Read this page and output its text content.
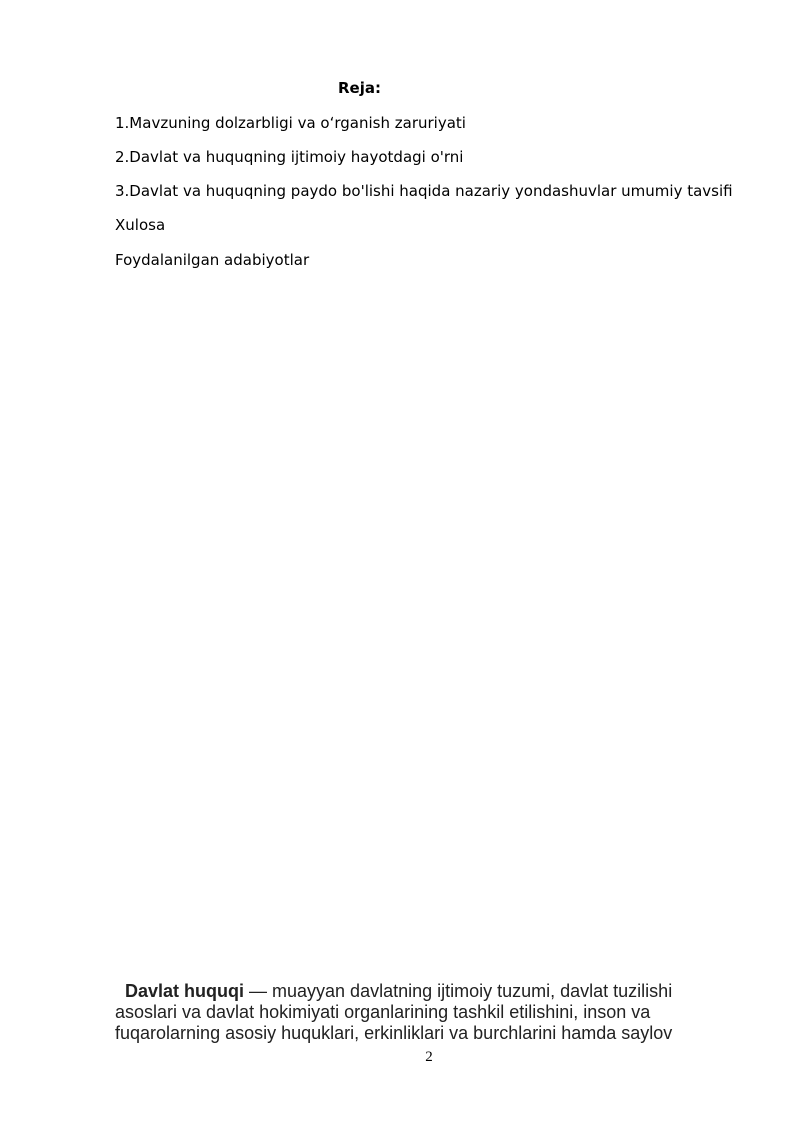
Reja:
1.Mavzuning dolzarbligi va oʻrganish zaruriyati
2.Davlat va huquqning ijtimoiy hayotdagi o'rni
3.Davlat va huquqning paydo bo'lishi haqida nazariy yondashuvlar umumiy tavsifi
Xulosa
Foydalanilgan adabiyotlar
Davlat huquqi — muayyan davlatning ijtimoiy tuzumi, davlat tuzilishi
asoslari va davlat hokimiyati organlarining tashkil etilishini, inson va
fuqarolarning asosiy huquklari, erkinliklari va burchlarini hamda saylov
2
